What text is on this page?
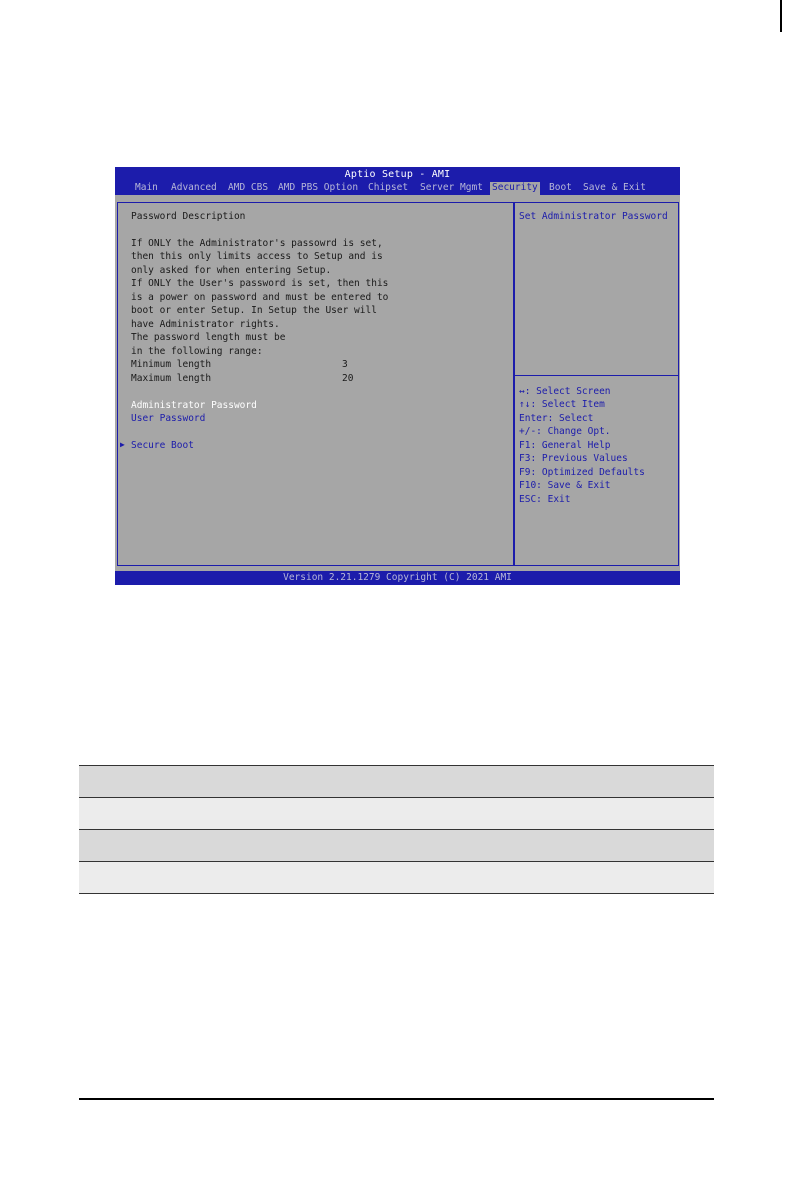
Aptio Setup - AMI
Main Advanced AMD CBS AMD PBS Option Chipset Server Mgmt Security Boot Save & Exit
Password Description
If ONLY the Administrator's passowrd is set,
then this only limits access to Setup and is
only asked for when entering Setup.
If ONLY the User's password is set, then this
is a power on password and must be entered to
boot or enter Setup. In Setup the User will
have Administrator rights.
The password length must be
in the following range:
Minimum length	3
Maximum length	20
Administrator Password
User Password
▶ Secure Boot
Set Administrator Password
↔: Select Screen
↑↓: Select Item
Enter: Select
+/-: Change Opt.
F1: General Help
F3: Previous Values
F9: Optimized Defaults
F10: Save & Exit
ESC: Exit
Version 2.21.1279 Copyright (C) 2021 AMI
